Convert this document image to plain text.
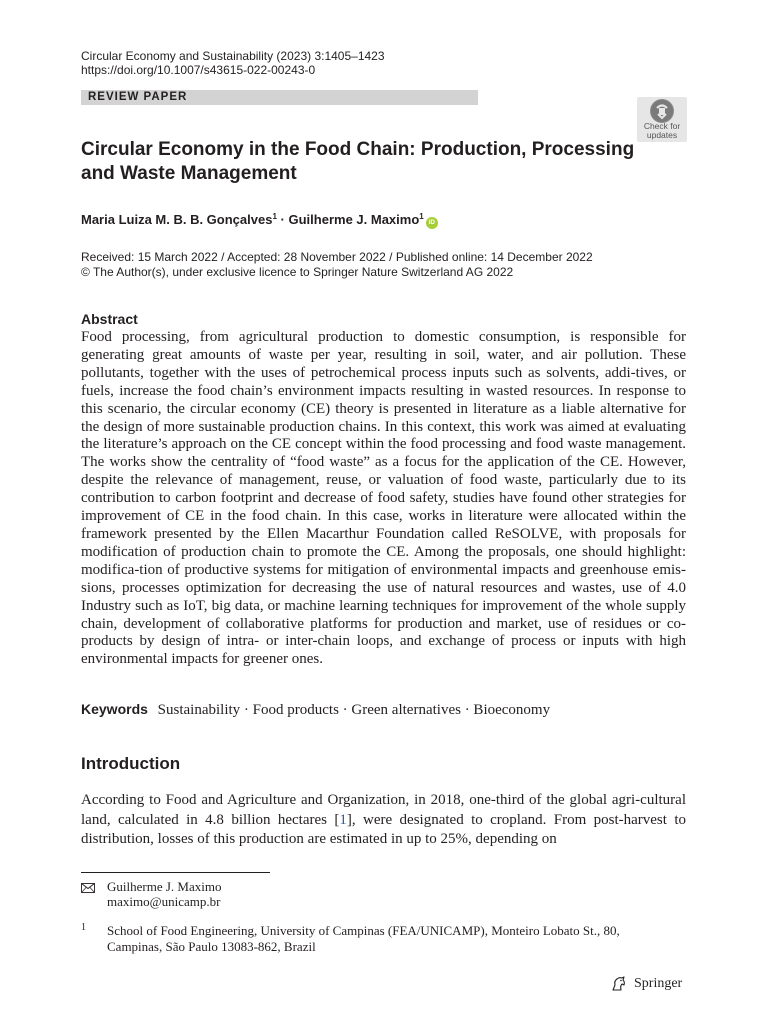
Circular Economy and Sustainability (2023) 3:1405–1423
https://doi.org/10.1007/s43615-022-00243-0
REVIEW PAPER
Check for
updates
Circular Economy in the Food Chain: Production, Processing and Waste Management
Maria Luiza M. B. B. Gonçalves$^1$ · Guilherme J. Maximo$^1$iD
Received: 15 March 2022 / Accepted: 28 November 2022 / Published online: 14 December 2022
© The Author(s), under exclusive licence to Springer Nature Switzerland AG 2022
Abstract

Food processing, from agricultural production to domestic consumption, is responsible for generating great amounts of waste per year, resulting in soil, water, and air pollution. These pollutants, together with the uses of petrochemical process inputs such as solvents, addi-tives, or fuels, increase the food chain’s environment impacts resulting in wasted resources. In response to this scenario, the circular economy (CE) theory is presented in literature as a liable alternative for the design of more sustainable production chains. In this context, this work was aimed at evaluating the literature’s approach on the CE concept within the food processing and food waste management. The works show the centrality of “food waste” as a focus for the application of the CE. However, despite the relevance of management, reuse, or valuation of food waste, particularly due to its contribution to carbon footprint and decrease of food safety, studies have found other strategies for improvement of CE in the food chain. In this case, works in literature were allocated within the framework presented by the Ellen Macarthur Foundation called ReSOLVE, with proposals for modification of production chain to promote the CE. Among the proposals, one should highlight: modifica-tion of productive systems for mitigation of environmental impacts and greenhouse emis-sions, processes optimization for decreasing the use of natural resources and wastes, use of 4.0 Industry such as IoT, big data, or machine learning techniques for improvement of the whole supply chain, development of collaborative platforms for production and market, use of residues or co-products by design of intra- or inter-chain loops, and exchange of process or inputs with high environmental impacts for greener ones.

Keywords Sustainability · Food products · Green alternatives · Bioeconomy
Introduction

According to Food and Agriculture and Organization, in 2018, one-third of the global agri-cultural land, calculated in 4.8 billion hectares [1], were designated to cropland. From post-harvest to distribution, losses of this production are estimated in up to 25%, depending on

Guilherme J. Maximo
maximo@unicamp.br
1 School of Food Engineering, University of Campinas (FEA/UNICAMP), Monteiro Lobato St., 80, Campinas, São Paulo 13083-862, Brazil

Springer
